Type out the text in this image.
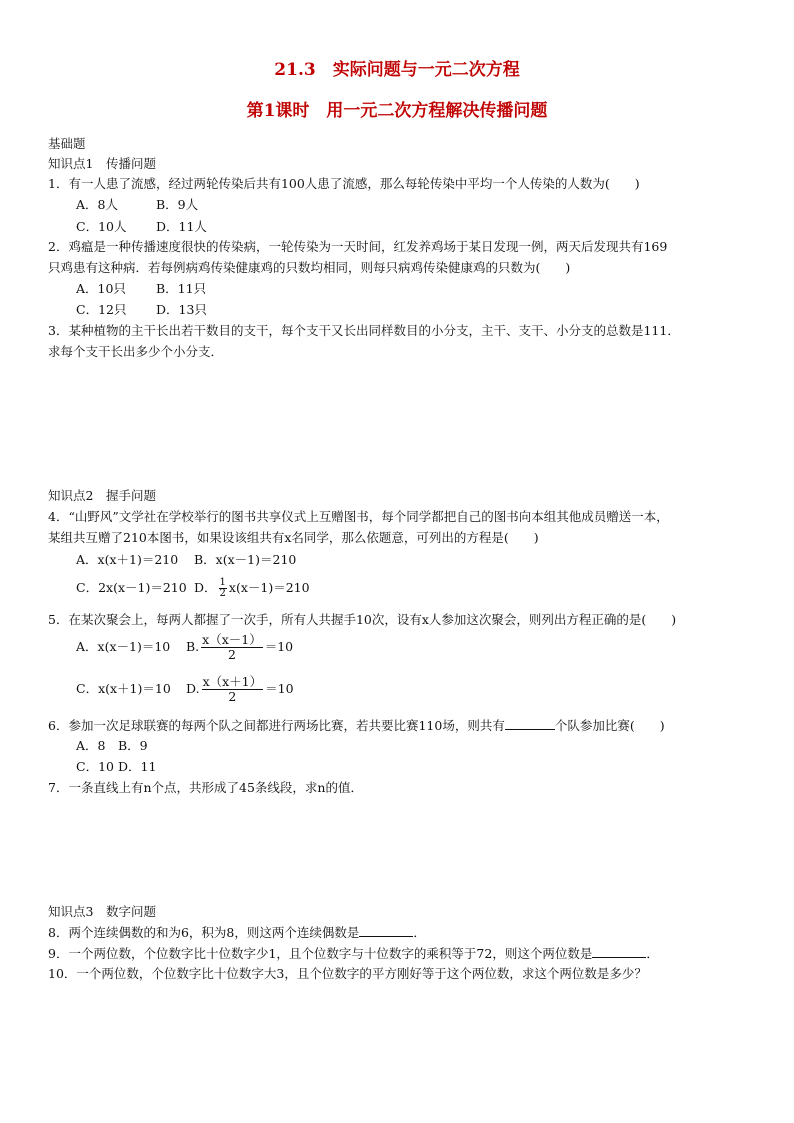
21.3　实际问题与一元二次方程
第1课时　用一元二次方程解决传播问题
基础题
知识点1　传播问题
1．有一人患了流感，经过两轮传染后共有100人患了流感，那么每轮传染中平均一个人传染的人数为(　　)
A．8人	B．9人
C．10人 D．11人
2．鸡瘟是一种传播速度很快的传染病，一轮传染为一天时间，红发养鸡场于某日发现一例，两天后发现共有169
只鸡患有这种病．若每例病鸡传染健康鸡的只数均相同，则每只病鸡传染健康鸡的只数为(　　)
A．10只 B．11只
C．12只 D．13只
3．某种植物的主干长出若干数目的支干，每个支干又长出同样数目的小分支，主干、支干、小分支的总数是111．
求每个支干长出多少个小分支．
知识点2　握手问题
4．“山野风”文学社在学校举行的图书共享仪式上互赠图书，每个同学都把自己的图书向本组其他成员赠送一本，
某组共互赠了210本图书，如果设该组共有x名同学，那么依题意，可列出的方程是(　　)
A．x(x＋1)＝210 B．x(x－1)＝210
C．2x(x－1)＝210 D． $\frac{1}{2} x(x-1)=210$
5．在某次聚会上，每两人都握了一次手，所有人共握手10次，设有x人参加这次聚会，则列出方程正确的是(　　)
A．x(x－1)＝10 B. $\frac{x(x-1)}{2} =10$
C．x(x＋1)＝10 D. $\frac{x(x+1)}{2} =10$
6．参加一次足球联赛的每两个队之间都进行两场比赛，若共要比赛110场，则共有	个队参加比赛(　　)
A．8 B．9
C．10 D．11
7．一条直线上有n个点，共形成了45条线段，求n的值．
知识点3　数字问题
8．两个连续偶数的和为6，积为8，则这两个连续偶数是	．
9．一个两位数，个位数字比十位数字少1，且个位数字与十位数字的乘积等于72，则这个两位数是	．
10．一个两位数，个位数字比十位数字大3，且个位数字的平方刚好等于这个两位数，求这个两位数是多少？
